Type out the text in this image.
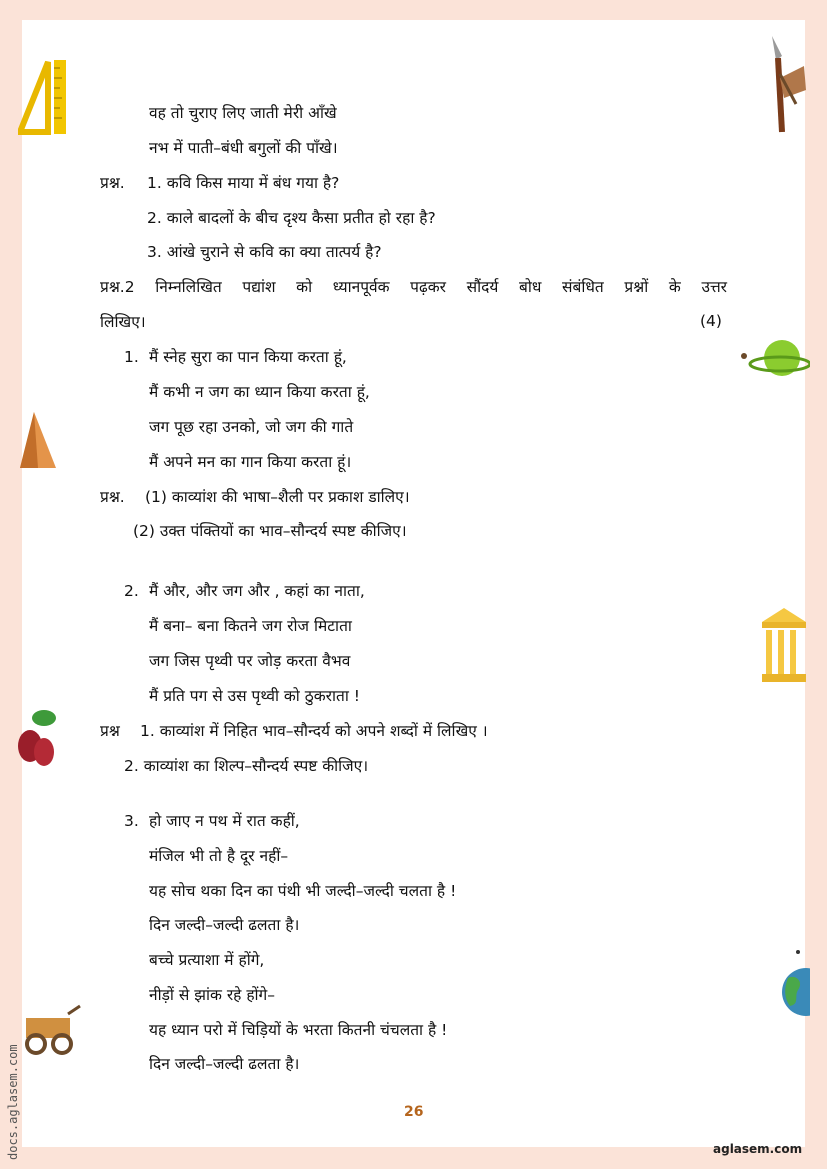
वह तो चुराए लिए जाती मेरी आँखे
नभ में पाती–बंधी बगुलों की पाँखे।
प्रश्न. 1. कवि किस माया में बंध गया है?
2. काले बादलों के बीच दृश्य कैसा प्रतीत हो रहा है?
3. आंखे चुराने से कवि का क्या तात्पर्य है?
प्रश्न.2 निम्नलिखित पद्यांश को ध्यानपूर्वक पढ़कर सौंदर्य बोध संबंधित प्रश्नों के उत्तर
लिखिए।	(4)
1. मैं स्नेह सुरा का पान किया करता हूं,
मैं कभी न जग का ध्यान किया करता हूं,
जग पूछ रहा उनको, जो जग की गाते
मैं अपने मन का गान किया करता हूं।
प्रश्न. (1) काव्यांश की भाषा–शैली पर प्रकाश डालिए।
(2) उक्त पंक्तियों का भाव–सौन्दर्य स्पष्ट कीजिए।
2. मैं और, और जग और , कहां का नाता,
मैं बना– बना कितने जग रोज मिटाता
जग जिस पृथ्वी पर जोड़ करता वैभव
मैं प्रति पग से उस पृथ्वी को ठुकराता !
प्रश्न 1. काव्यांश में निहित भाव–सौन्दर्य को अपने शब्दों में लिखिए ।
2. काव्यांश का शिल्प–सौन्दर्य स्पष्ट कीजिए।
3. हो जाए न पथ में रात कहीं,
मंजिल भी तो है दूर नहीं–
यह सोच थका दिन का पंथी भी जल्दी–जल्दी चलता है !
दिन जल्दी–जल्दी ढलता है।
बच्चे प्रत्याशा में होंगे,
नीड़ों से झांक रहे होंगे–
यह ध्यान परो में चिड़ियों के भरता कितनी चंचलता है !
दिन जल्दी–जल्दी ढलता है।
26
aglasem.com
docs.aglasem.com
